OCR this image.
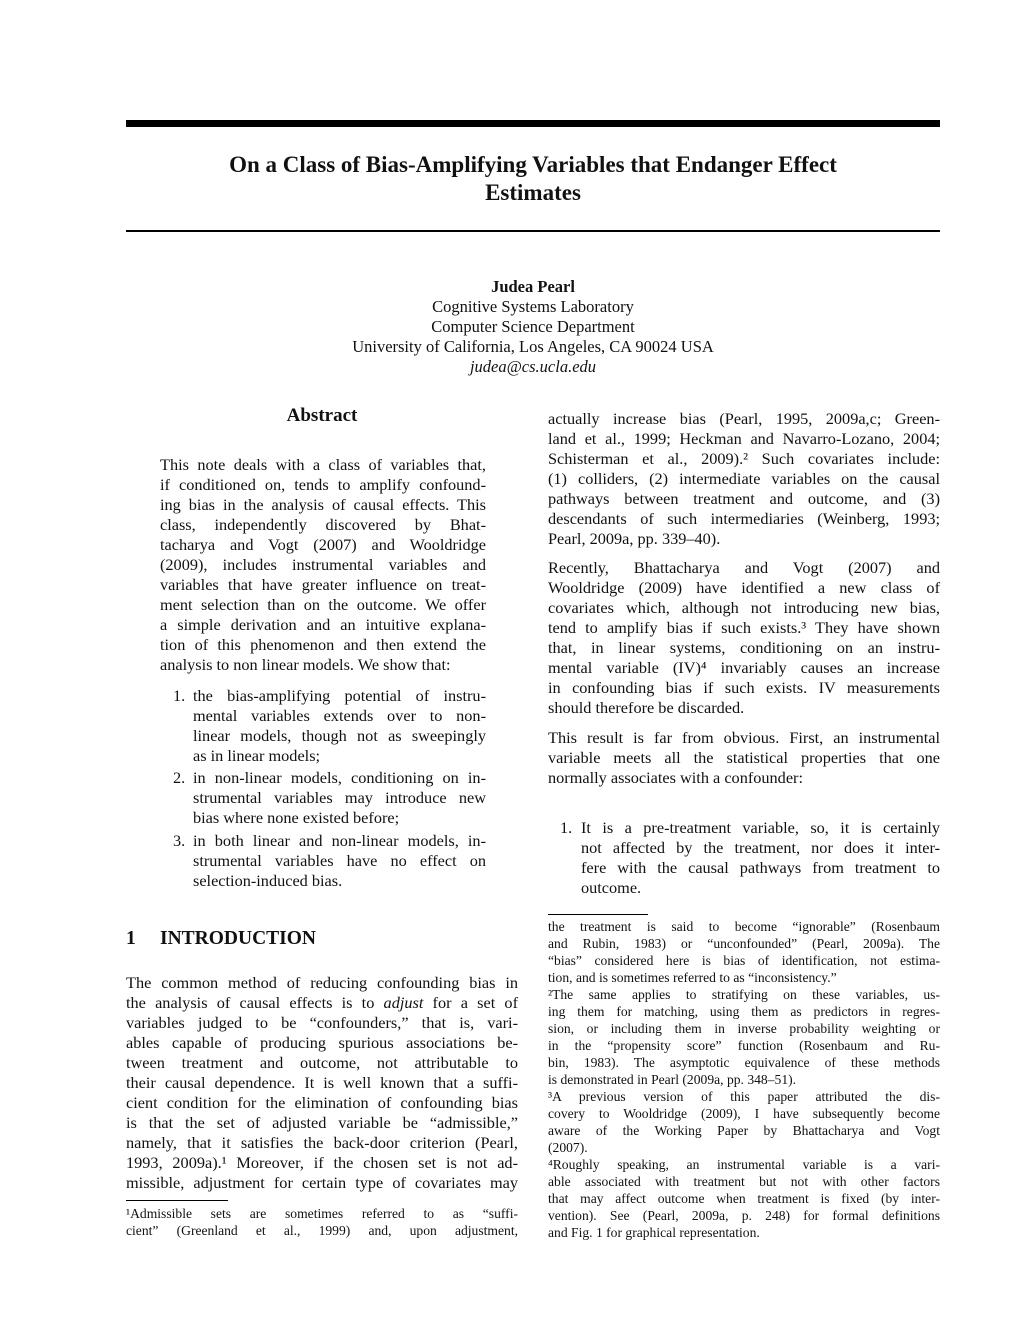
On a Class of Bias-Amplifying Variables that Endanger Effect
Estimates
Judea Pearl
Cognitive Systems Laboratory
Computer Science Department
University of California, Los Angeles, CA 90024 USA
judea@cs.ucla.edu
Abstract
This note deals with a class of variables that,
if conditioned on, tends to amplify confound-
ing bias in the analysis of causal effects. This
class, independently discovered by Bhat-
tacharya and Vogt (2007) and Wooldridge
(2009), includes instrumental variables and
variables that have greater influence on treat-
ment selection than on the outcome. We offer
a simple derivation and an intuitive explana-
tion of this phenomenon and then extend the
analysis to non linear models. We show that:
1. the bias-amplifying potential of instru-
mental variables extends over to non-
linear models, though not as sweepingly
as in linear models;
2. in non-linear models, conditioning on in-
strumental variables may introduce new
bias where none existed before;
3. in both linear and non-linear models, in-
strumental variables have no effect on
selection-induced bias.
1 INTRODUCTION
The common method of reducing confounding bias in
the analysis of causal effects is to adjust for a set of
variables judged to be “confounders,” that is, vari-
ables capable of producing spurious associations be-
tween treatment and outcome, not attributable to
their causal dependence. It is well known that a suffi-
cient condition for the elimination of confounding bias
is that the set of adjusted variable be “admissible,”
namely, that it satisfies the back-door criterion (Pearl,
1993, 2009a).¹ Moreover, if the chosen set is not ad-
missible, adjustment for certain type of covariates may
¹Admissible sets are sometimes referred to as “suffi-
cient” (Greenland et al., 1999) and, upon adjustment,
actually increase bias (Pearl, 1995, 2009a,c; Green-
land et al., 1999; Heckman and Navarro-Lozano, 2004;
Schisterman et al., 2009).² Such covariates include:
(1) colliders, (2) intermediate variables on the causal
pathways between treatment and outcome, and (3)
descendants of such intermediaries (Weinberg, 1993;
Pearl, 2009a, pp. 339–40).
Recently, Bhattacharya and Vogt (2007) and
Wooldridge (2009) have identified a new class of
covariates which, although not introducing new bias,
tend to amplify bias if such exists.³ They have shown
that, in linear systems, conditioning on an instru-
mental variable (IV)⁴ invariably causes an increase
in confounding bias if such exists. IV measurements
should therefore be discarded.
This result is far from obvious. First, an instrumental
variable meets all the statistical properties that one
normally associates with a confounder:
1. It is a pre-treatment variable, so, it is certainly
not affected by the treatment, nor does it inter-
fere with the causal pathways from treatment to
outcome.
the treatment is said to become “ignorable” (Rosenbaum
and Rubin, 1983) or “unconfounded” (Pearl, 2009a). The
“bias” considered here is bias of identification, not estima-
tion, and is sometimes referred to as “inconsistency.”
²The same applies to stratifying on these variables, us-
ing them for matching, using them as predictors in regres-
sion, or including them in inverse probability weighting or
in the “propensity score” function (Rosenbaum and Ru-
bin, 1983). The asymptotic equivalence of these methods
is demonstrated in Pearl (2009a, pp. 348–51).
³A previous version of this paper attributed the dis-
covery to Wooldridge (2009), I have subsequently become
aware of the Working Paper by Bhattacharya and Vogt
(2007).
⁴Roughly speaking, an instrumental variable is a vari-
able associated with treatment but not with other factors
that may affect outcome when treatment is fixed (by inter-
vention). See (Pearl, 2009a, p. 248) for formal definitions
and Fig. 1 for graphical representation.
